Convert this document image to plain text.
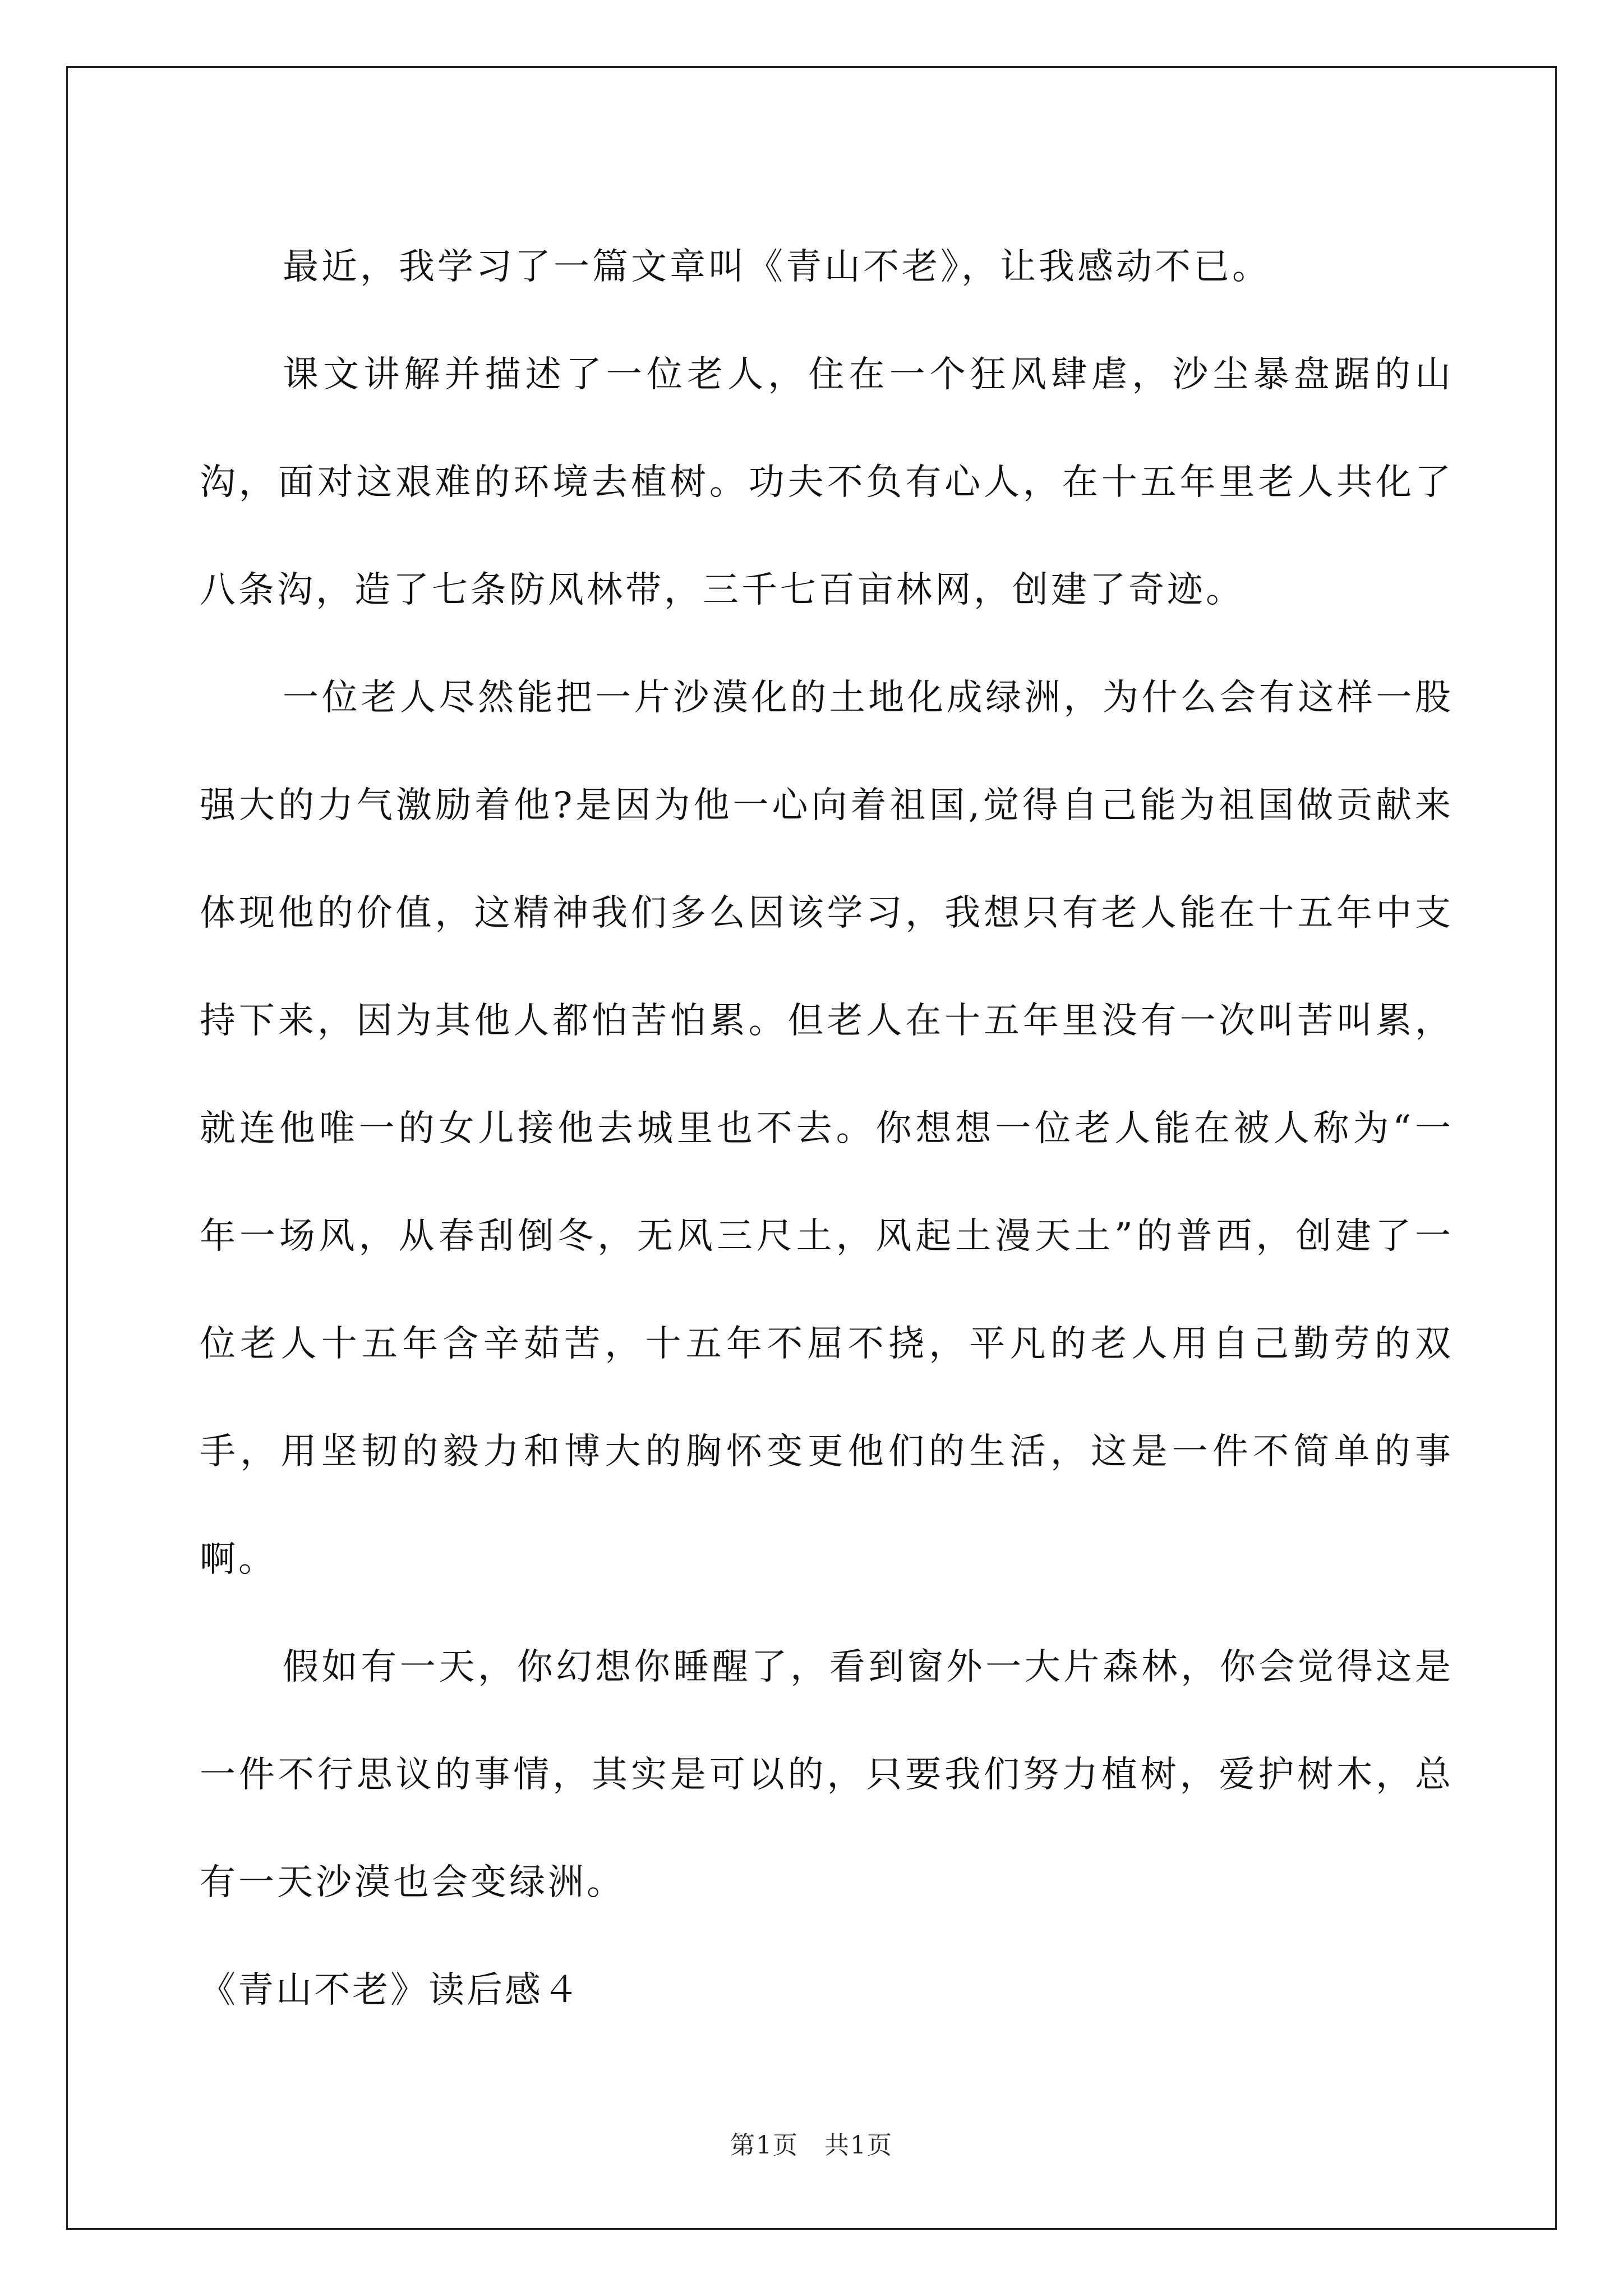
最近，我学习了一篇文章叫《青山不老》，让我感动不已。

课文讲解并描述了一位老人，住在一个狂风肆虐，沙尘暴盘踞的山沟，面对这艰难的环境去植树。功夫不负有心人，在十五年里老人共化了八条沟，造了七条防风林带，三千七百亩林网，创建了奇迹。

一位老人尽然能把一片沙漠化的土地化成绿洲，为什么会有这样一股强大的力气激励着他?是因为他一心向着祖国,觉得自己能为祖国做贡献来体现他的价值，这精神我们多么因该学习，我想只有老人能在十五年中支持下来，因为其他人都怕苦怕累。但老人在十五年里没有一次叫苦叫累，就连他唯一的女儿接他去城里也不去。你想想一位老人能在被人称为“一年一场风，从春刮倒冬，无风三尺土，风起土漫天土”的普西，创建了一位老人十五年含辛茹苦，十五年不屈不挠，平凡的老人用自己勤劳的双手，用坚韧的毅力和博大的胸怀变更他们的生活，这是一件不简单的事啊。

假如有一天，你幻想你睡醒了，看到窗外一大片森林，你会觉得这是一件不行思议的事情，其实是可以的，只要我们努力植树，爱护树木，总有一天沙漠也会变绿洲。

《青山不老》读后感４

第1页　共1页
